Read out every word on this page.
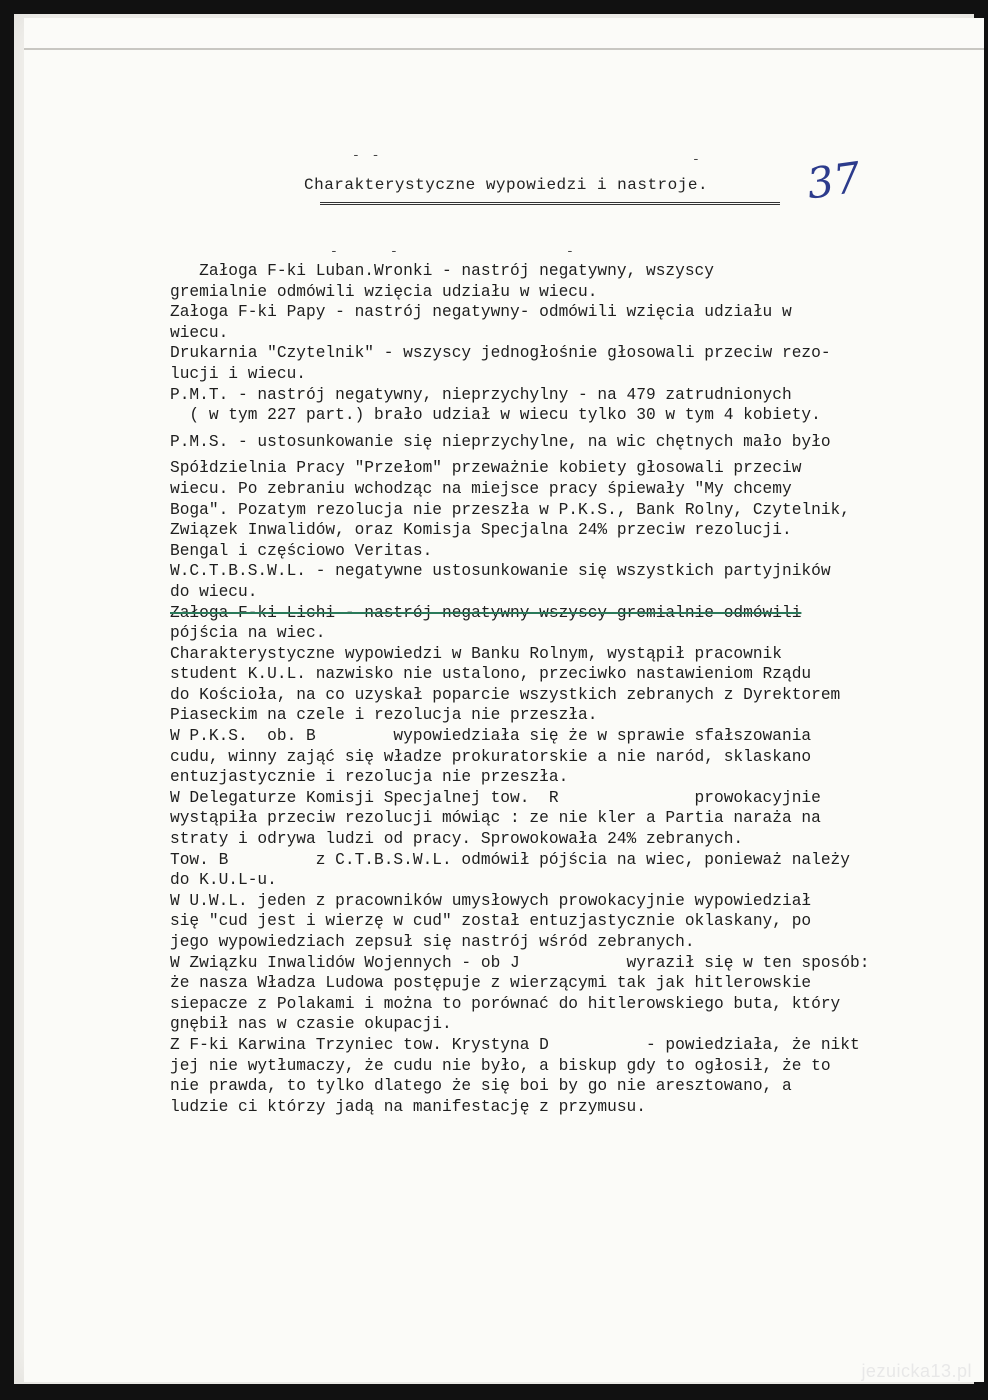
- -	-
-	-	-
Charakterystyczne wypowiedzi i nastroje. 37
Załoga F-ki Luban.Wronki - nastrój negatywny, wszyscy
gremialnie odmówili wzięcia udziału w wiecu.
Załoga F-ki Papy - nastrój negatywny- odmówili wzięcia udziału w
wiecu.
Drukarnia "Czytelnik" - wszyscy jednogłośnie głosowali przeciw rezo-
lucji i wiecu.
P.M.T. - nastrój negatywny, nieprzychylny - na 479 zatrudnionych
( w tym 227 part.) brało udział w wiecu tylko 30 w tym 4 kobiety.
P.M.S. - ustosunkowanie się nieprzychylne, na wic chętnych mało było
Spółdzielnia Pracy "Przełom" przeważnie kobiety głosowali przeciw
wiecu. Po zebraniu wchodząc na miejsce pracy śpiewały "My chcemy
Boga". Pozatym rezolucja nie przeszła w P.K.S., Bank Rolny, Czytelnik,
Związek Inwalidów, oraz Komisja Specjalna 24% przeciw rezolucji.
Bengal i częściowo Veritas.
W.C.T.B.S.W.L. - negatywne ustosunkowanie się wszystkich partyjników
do wiecu.
Załoga F-ki Lichi - nastrój negatywny wszyscy gremialnie odmówili
pójścia na wiec.
Charakterystyczne wypowiedzi w Banku Rolnym, wystąpił pracownik
student K.U.L. nazwisko nie ustalono, przeciwko nastawieniom Rządu
do Kościoła, na co uzyskał poparcie wszystkich zebranych z Dyrektorem
Piaseckim na czele i rezolucja nie przeszła.
W P.K.S.  ob. B        wypowiedziała się że w sprawie sfałszowania
cudu, winny zająć się władze prokuratorskie a nie naród, sklaskano
entuzjastycznie i rezolucja nie przeszła.
W Delegaturze Komisji Specjalnej tow.  R              prowokacyjnie
wystąpiła przeciw rezolucji mówiąc : ze nie kler a Partia naraża na
straty i odrywa ludzi od pracy. Sprowokowała 24% zebranych.
Tow. B         z C.T.B.S.W.L. odmówił pójścia na wiec, ponieważ należy
do K.U.L-u.
W U.W.L. jeden z pracowników umysłowych prowokacyjnie wypowiedział
się "cud jest i wierzę w cud" został entuzjastycznie oklaskany, po
jego wypowiedziach zepsuł się nastrój wśród zebranych.
W Związku Inwalidów Wojennych - ob J           wyraził się w ten sposób:
że nasza Władza Ludowa postępuje z wierzącymi tak jak hitlerowskie
siepacze z Polakami i można to porównać do hitlerowskiego buta, który
gnębił nas w czasie okupacji.
Z F-ki Karwina Trzyniec tow. Krystyna D          - powiedziała, że nikt
jej nie wytłumaczy, że cudu nie było, a biskup gdy to ogłosił, że to
nie prawda, to tylko dlatego że się boi by go nie aresztowano, a
ludzie ci którzy jadą na manifestację z przymusu.
jezuicka13.pl
